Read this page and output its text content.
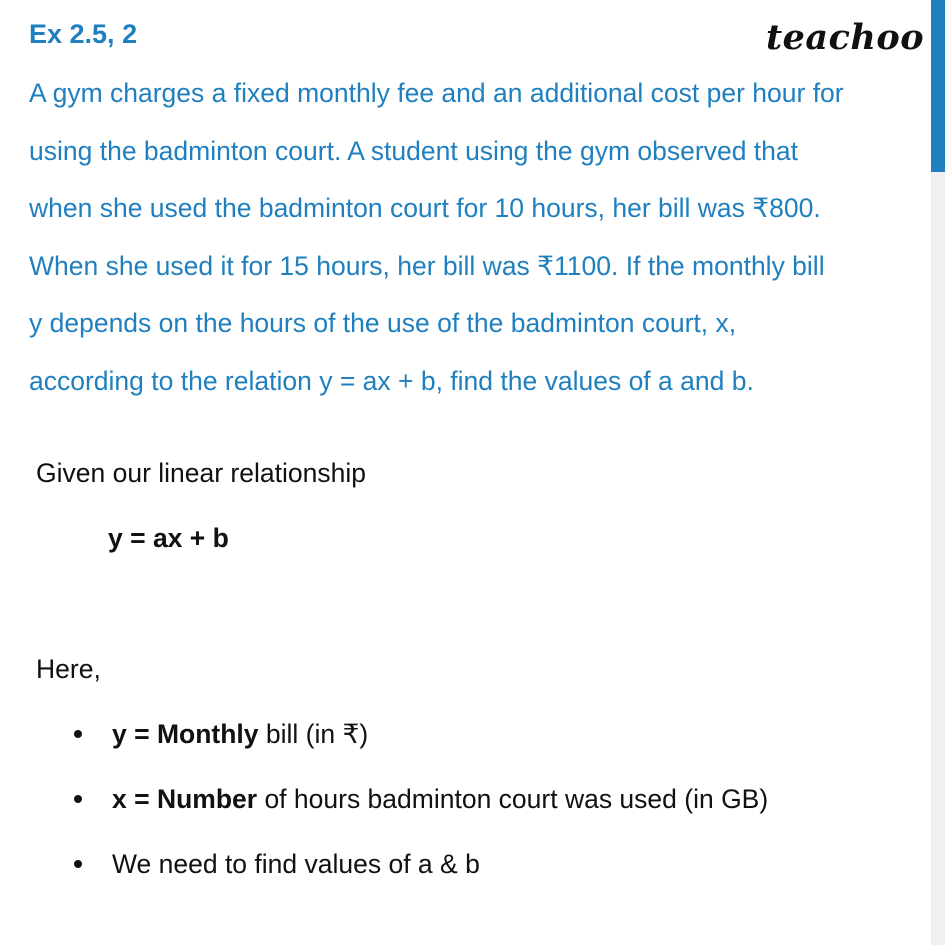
Ex 2.5, 2	teachoo
A gym charges a fixed monthly fee and an additional cost per hour for
using the badminton court. A student using the gym observed that
when she used the badminton court for 10 hours, her bill was ₹800.
When she used it for 15 hours, her bill was ₹1100. If the monthly bill
y depends on the hours of the use of the badminton court, x,
according to the relation y = ax + b, find the values of a and b.
Given our linear relationship
y = ax + b
Here,
y = Monthly bill (in ₹)
x = Number of hours badminton court was used (in GB)
We need to find values of a & b
